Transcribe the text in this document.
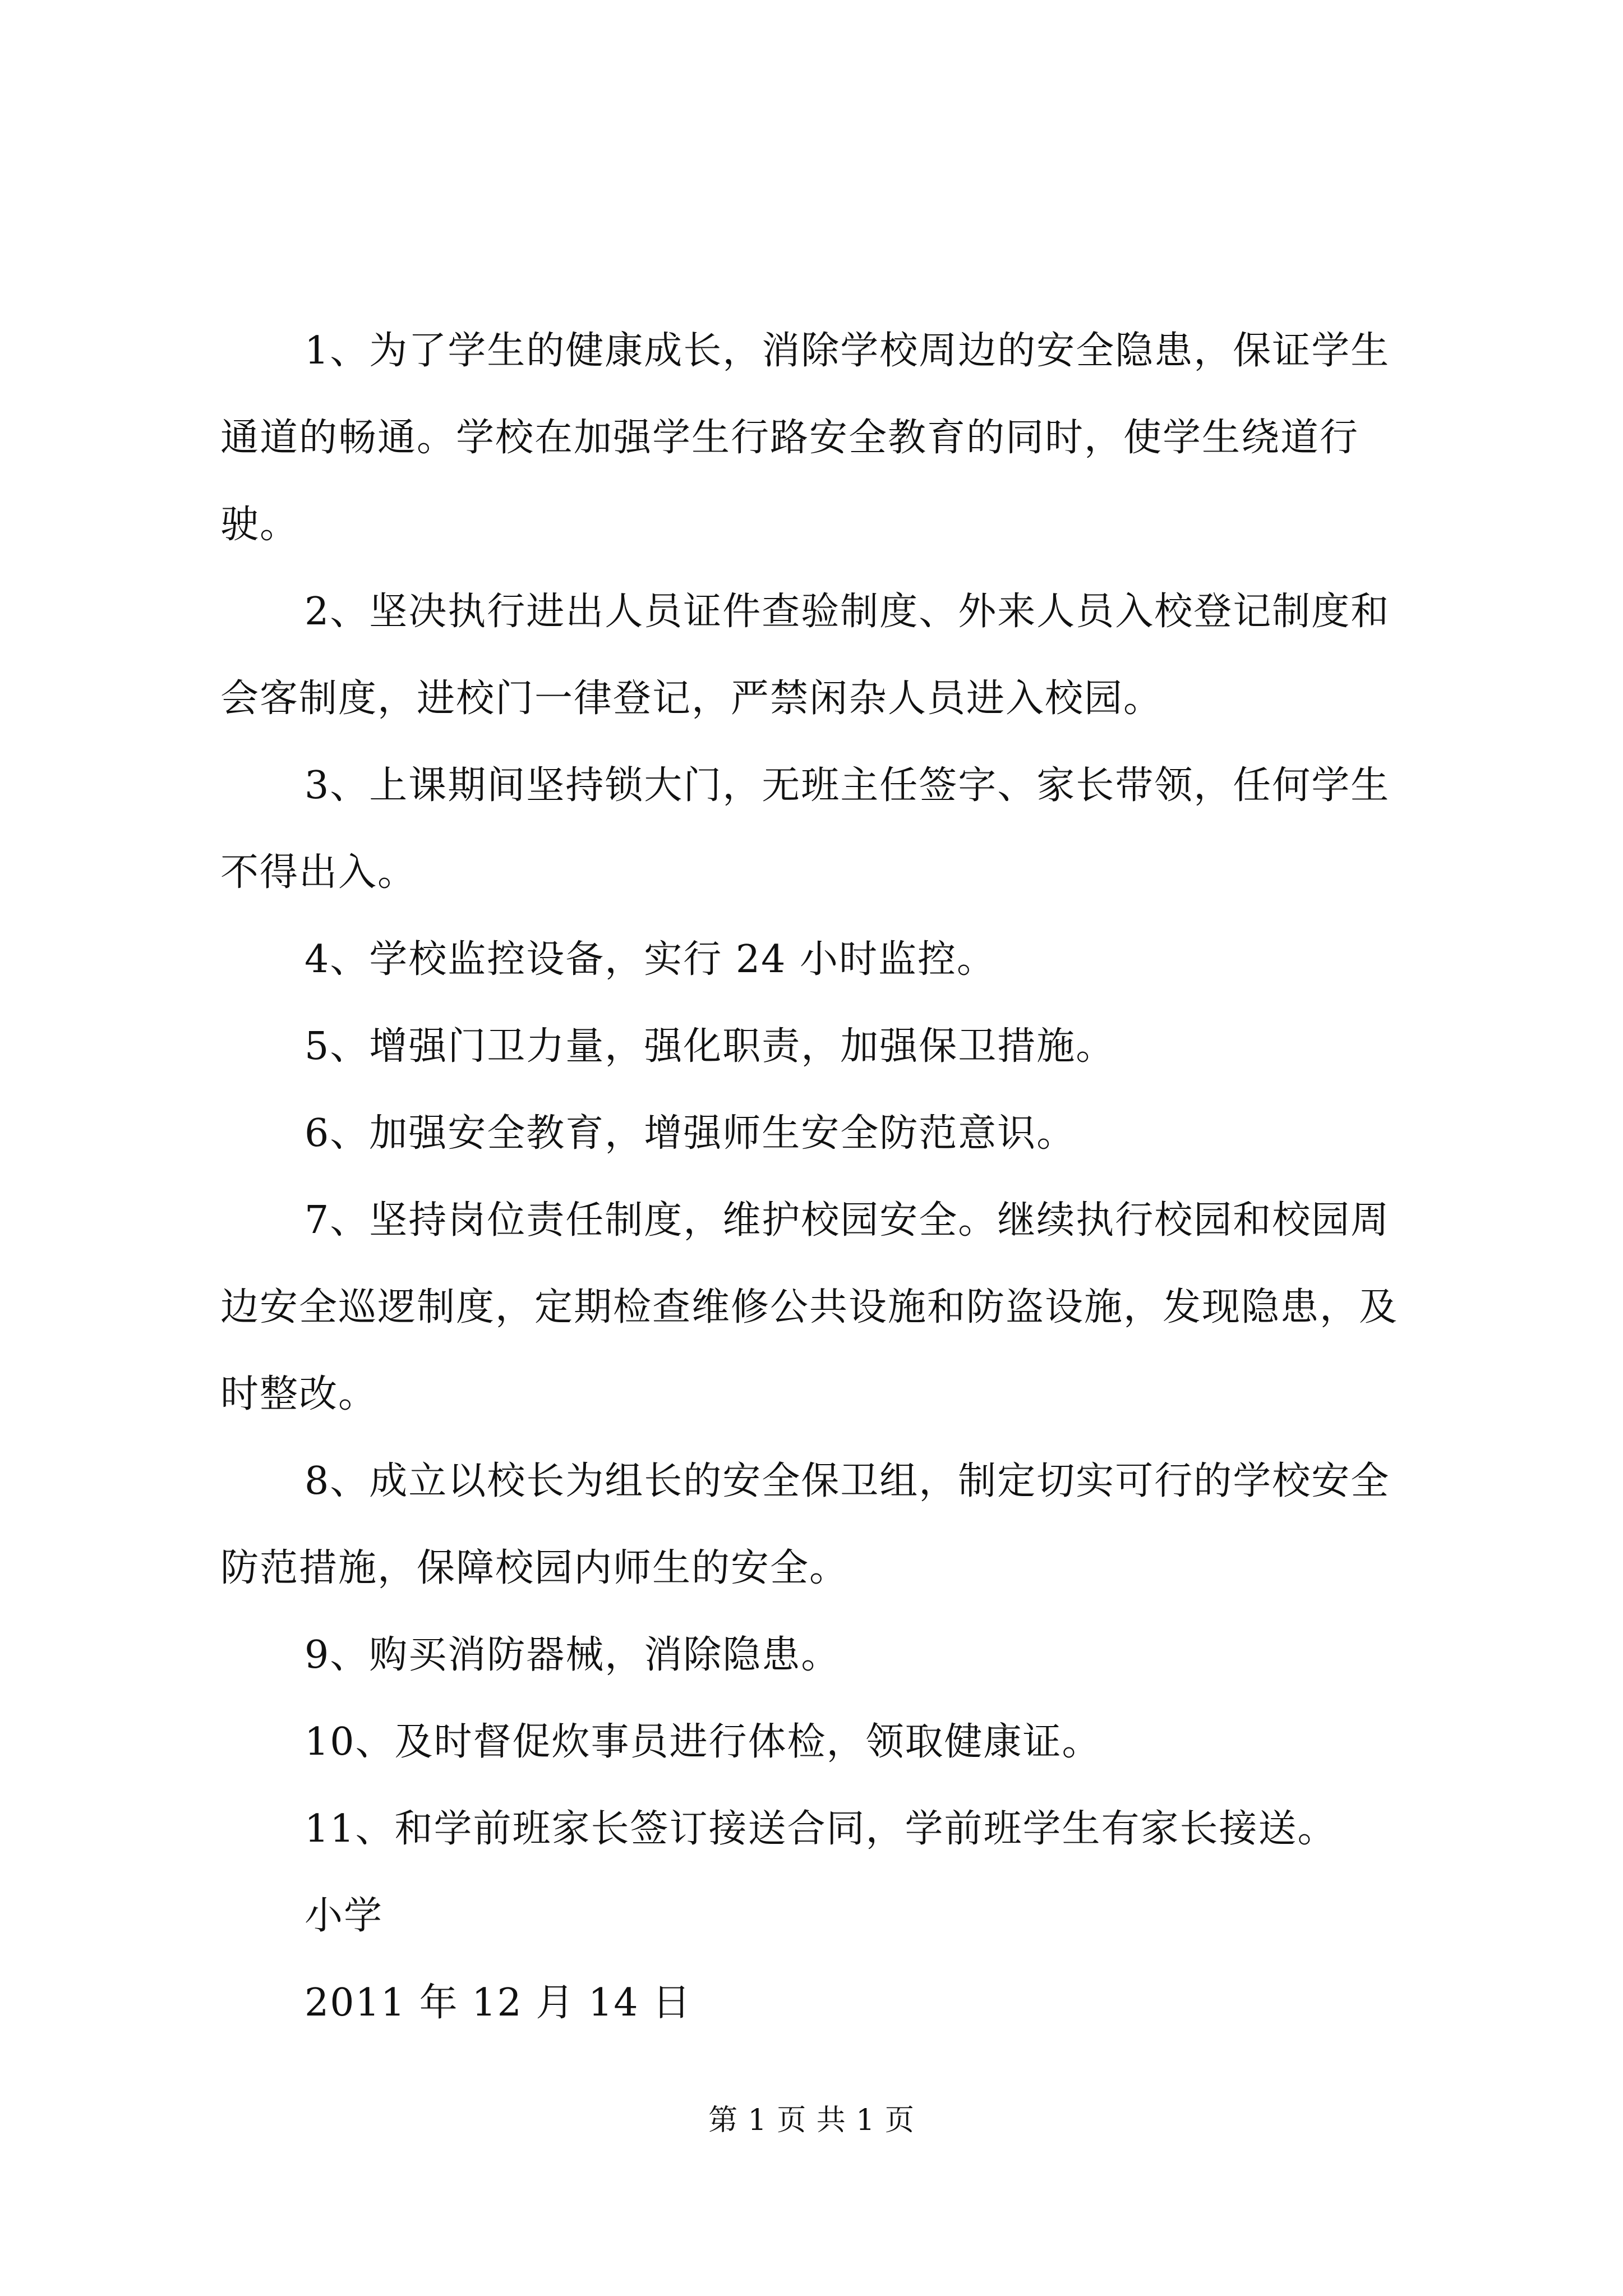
1、为了学生的健康成长，消除学校周边的安全隐患，保证学生通道的畅通。学校在加强学生行路安全教育的同时，使学生绕道行驶。

2、坚决执行进出人员证件查验制度、外来人员入校登记制度和会客制度，进校门一律登记，严禁闲杂人员进入校园。

3、上课期间坚持锁大门，无班主任签字、家长带领，任何学生不得出入。

4、学校监控设备，实行 24 小时监控。

5、增强门卫力量，强化职责，加强保卫措施。

6、加强安全教育，增强师生安全防范意识。

7、坚持岗位责任制度，维护校园安全。继续执行校园和校园周边安全巡逻制度，定期检查维修公共设施和防盗设施，发现隐患，及时整改。

8、成立以校长为组长的安全保卫组，制定切实可行的学校安全防范措施，保障校园内师生的安全。

9、购买消防器械，消除隐患。

10、及时督促炊事员进行体检，领取健康证。

11、和学前班家长签订接送合同，学前班学生有家长接送。

小学

2011 年 12 月 14 日

第 1 页 共 1 页
